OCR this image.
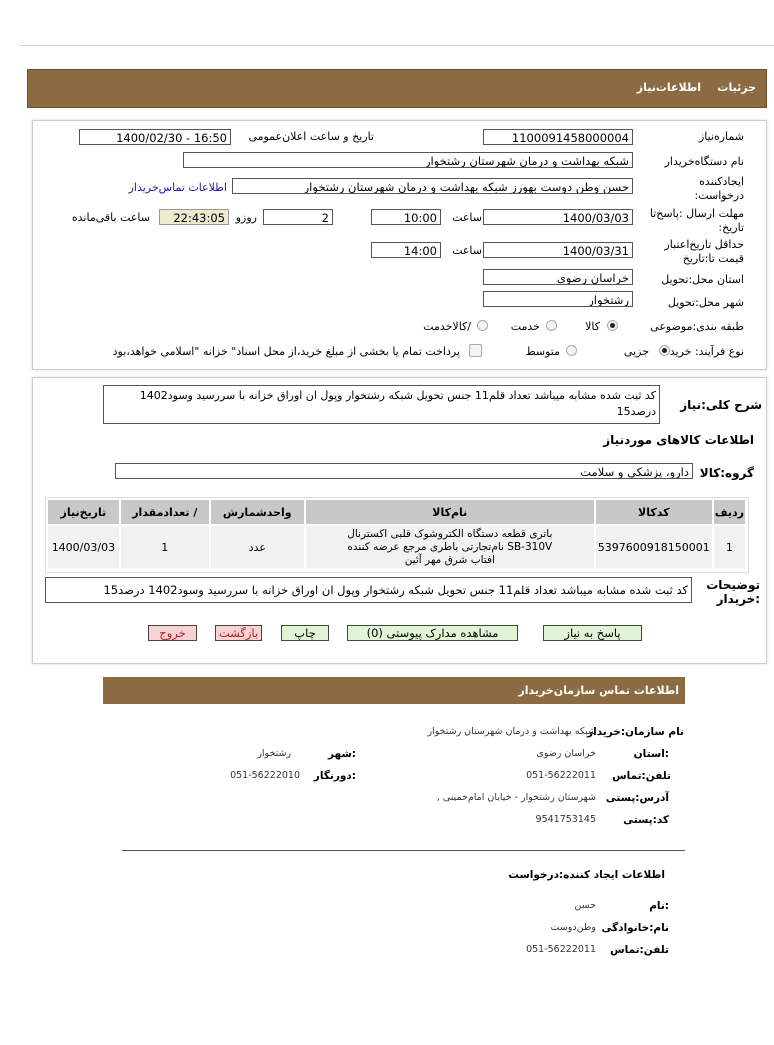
جزئیات
اطلاعات‌نیاز
شماره‌نیاز
1100091458000004
تاریخ و ساعت اعلان‌عمومی
1400/02/30 - 16:50
نام دستگاه‌خریدار
شبکه بهداشت و درمان شهرستان رشتخوار
ایجادکننده درخواست:
حسن وطن دوست بهورز شبکه بهداشت و درمان شهرستان رشتخوار
اطلاعات تماس‌خریدار
مهلت ارسال :پاسخ‌تا تاریخ:
1400/03/03
ساعت
10:00
2
روزو
22:43:05
ساعت باقی‌مانده
حداقل تاریخ‌اعتبار قیمت تا:تاریخ
1400/03/31
ساعت
14:00
استان محل:تحویل
خراسان رضوی
شهر محل:تحویل
رشتخوار
طبقه بندی:موضوعی
کالا
خدمت
/کالاخدمت
نوع فرآیند: خرید
جزیی
متوسط
پرداخت تمام یا بخشی از مبلغ خرید،از محل اسناد" خزانه "اسلامی خواهد،بود
شرح کلی:نیاز
کد ثبت شده مشابه میباشد تعداد قلم11 جنس تحویل شبکه رشتخوار وپول ان اوراق خزانه با سررسید وسود1402 درصد15
اطلاعات کالاهای موردنیاز
گروه:کالا
دارو، پزشکی و سلامت
ردیف	کدکالا	نام‌کالا	واحدشمارش	/ تعدادمقدار	تاریخ‌نیاز
1	5397600918150001	باتری قطعه دستگاه الکتروشوک قلبی اکسترنال SB-310V نام‌تجارتی باطری مرجع عرضه کننده افتاب شرق مهر آئین	عدد	1	1400/03/03
توضیحات :خریدار
کد ثبت شده مشابه میباشد تعداد قلم11 جنس تحویل شبکه رشتخوار وپول ان اوراق خزانه با سررسید وسود1402 درصد15
پاسخ به نیاز
مشاهده مدارک پیوستی (0)
چاپ
بازگشت
خروج
اطلاعات تماس سازمان‌خریدار
نام سازمان:خریدار
شبکه بهداشت و درمان شهرستان رشتخوار
:استان
خراسان رضوی
:شهر
رشتخوار
تلفن:تماس
051-56222011
:دورنگار
051-56222010
آدرس:پستی
شهرستان رشتخوار - خیابان امام‌خمینی ,
کد:پستی
9541753145
اطلاعات ایجاد کننده:درخواست
:نام
حسن
نام:خانوادگی
وطن‌دوست
تلفن:تماس
051-56222011
